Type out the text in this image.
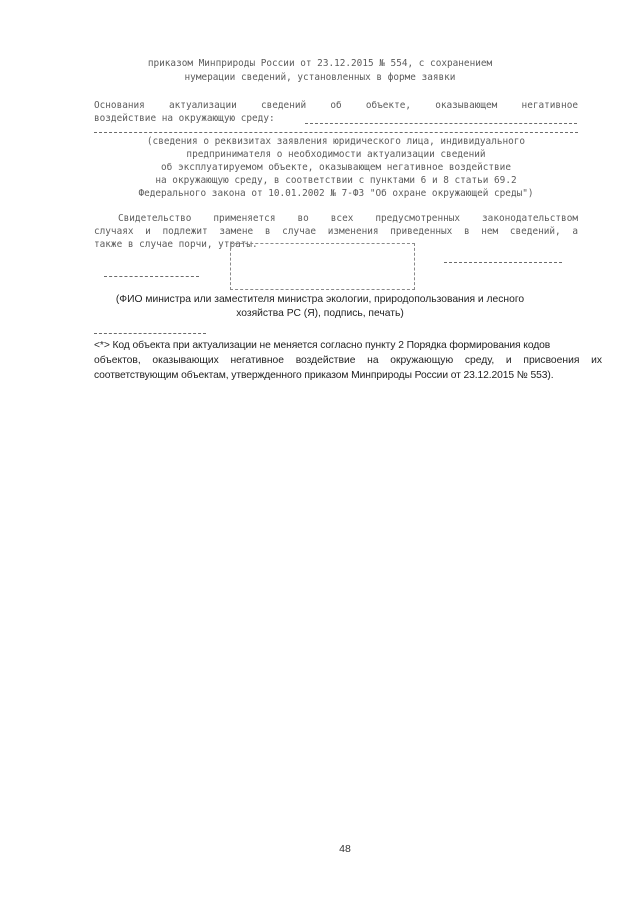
приказом Минприроды России от 23.12.2015 № 554, с сохранением
нумерации сведений, установленных в форме заявки
Основания актуализации сведений об объекте, оказывающем негативное
воздействие на окружающую среду:
(сведения о реквизитах заявления юридического лица, индивидуального
предпринимателя о необходимости актуализации сведений
об эксплуатируемом объекте, оказывающем негативное воздействие
на окружающую среду, в соответствии с пунктами 6 и 8 статьи 69.2
Федерального закона от 10.01.2002 № 7-ФЗ "Об охране окружающей среды")
Свидетельство применяется во всех предусмотренных законодательством
случаях и подлежит замене в случае изменения приведенных в нем сведений, а
также в случае порчи, утраты.
(ФИО министра или заместителя министра экологии, природопользования и лесного
хозяйства РС (Я), подпись, печать)
<*> Код объекта при актуализации не меняется согласно пункту 2 Порядка формирования кодов
объектов, оказывающих негативное воздействие на окружающую среду, и присвоения их
соответствующим объектам, утвержденного приказом Минприроды России от 23.12.2015 № 553).
48
